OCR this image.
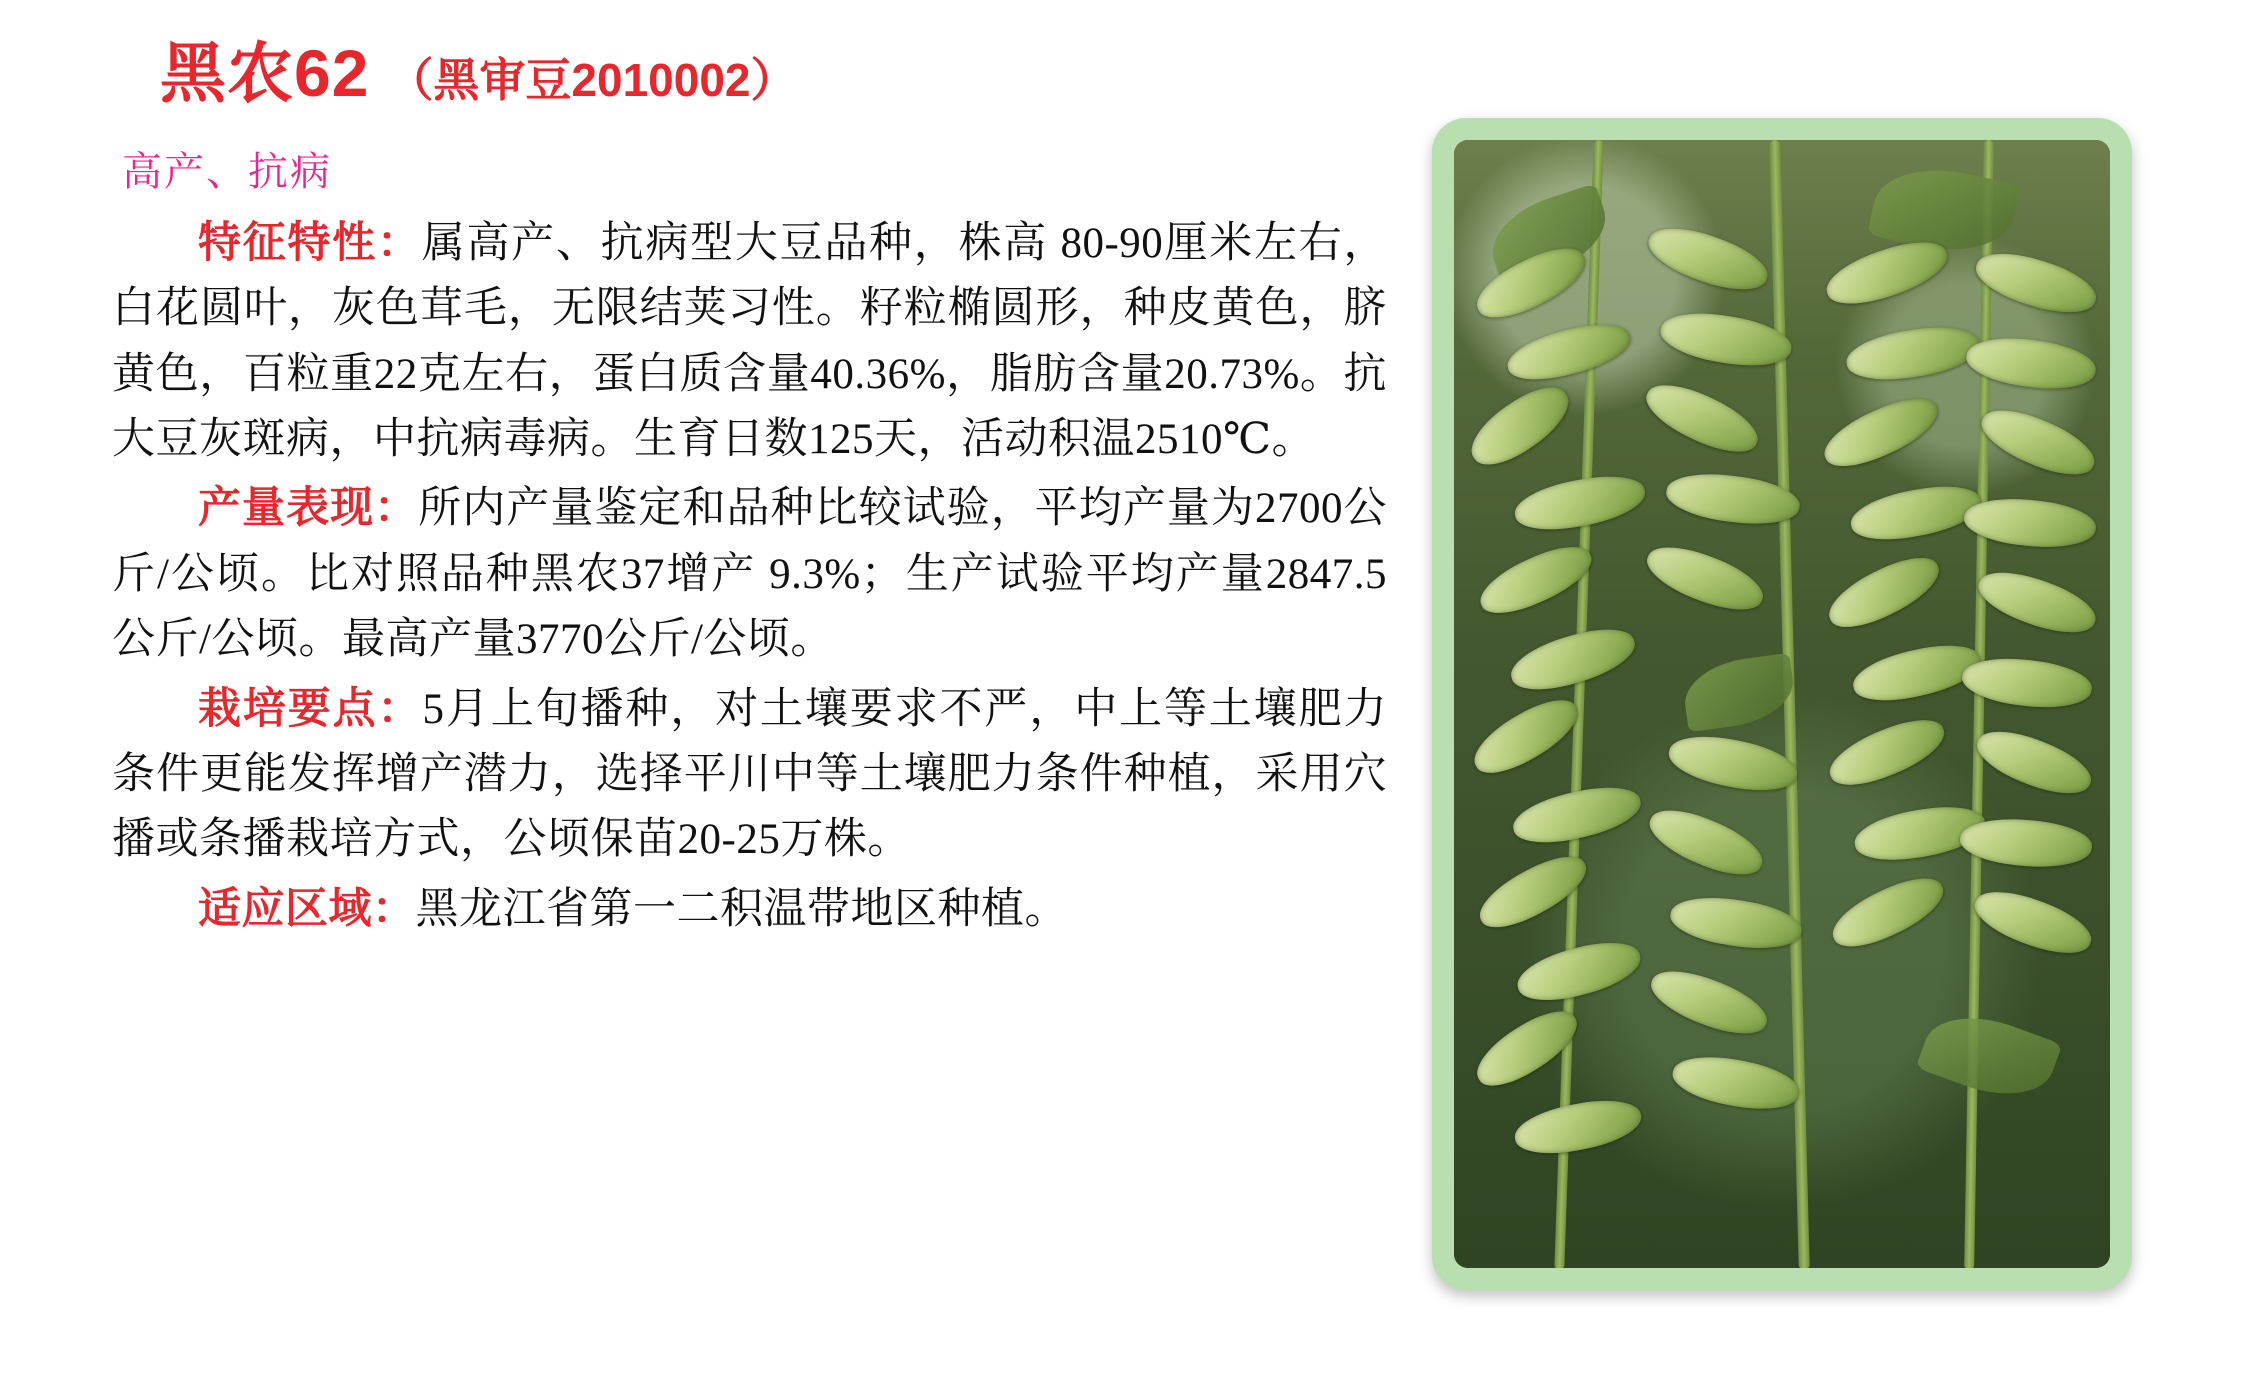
黑农62 （黑审豆2010002）
高产、抗病

特征特性：属高产、抗病型大豆品种，株高 80-90厘米左右，白花圆叶，灰色茸毛，无限结荚习性。籽粒椭圆形，种皮黄色，脐黄色，百粒重22克左右，蛋白质含量40.36%，脂肪含量20.73%。抗大豆灰斑病，中抗病毒病。生育日数125天，活动积温2510℃。

产量表现：所内产量鉴定和品种比较试验，平均产量为2700公斤/公顷。比对照品种黑农37增产 9.3%；生产试验平均产量2847.5公斤/公顷。最高产量3770公斤/公顷。

栽培要点：5月上旬播种，对土壤要求不严，中上等土壤肥力条件更能发挥增产潜力，选择平川中等土壤肥力条件种植，采用穴播或条播栽培方式，公顷保苗20-25万株。

适应区域：黑龙江省第一二积温带地区种植。
